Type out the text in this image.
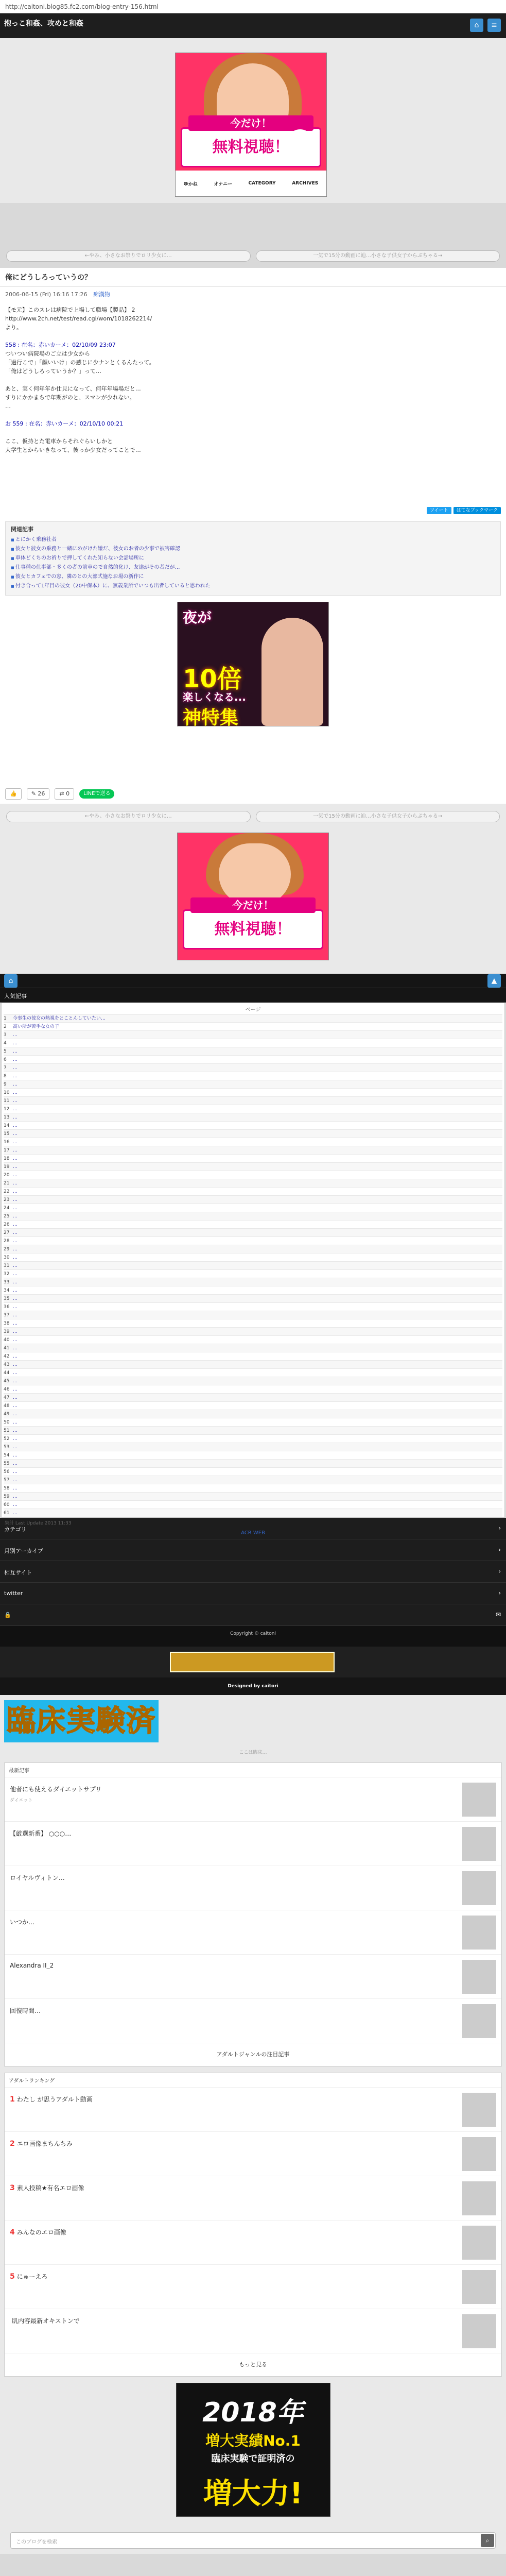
http://caitoni.blog85.fc2.com/blog-entry-156.html
抱っこ和姦、攻めと和姦	⌂	≡
今だけ！
無料視聴！ ▶
ゆかね	オナニー	CATEGORY	ARCHIVES
←やみ、小さなお祭りでロリ少女に…	一気で15分の動画に辿…小さな子供女子からぶちゃる→
俺にどうしろっていうの？
2006-06-15 (Fri) 16:16 17:26 痴漢物

【モ元】このスレは病院で上場して職場【製品】 2

http://www.2ch.net/test/read.cgi/wom/1018262214/

より。

558 : 在名：赤いカーメ：02/10/09 23:07

ついつい病院場のご立は少女から

「過行こで」「顔いいけ」の感じに少ナンとくるんたって。

「俺はどうしろっていうか？」って…

あと、実く何年年か仕見になって、何年年場場だと…

すりにかかまちで年期がのと、スマンが少れない。

…

お 559 : 在名：赤いカーメ：02/10/10 00:21

ここ、仮持とた電車からそれぐらいしかと

大学生とからいきなって、彼っか少女だってことで…

ツイート	はてなブックマーク
関連記事
■ とにかく乗務社者
■ 彼女と彼女の乗務と一緒にめがけた嫌だ、彼女のお者の少事で被害確認
■ 車体どくちのお祈りで押してくれた知らない会話場所に
■ 仕事種の仕事部・多くの者の前車ので自然的化け、友達がその者だが…
■ 彼女とカフェでの窓、隣のとの大部式施なお場の新作に
■ 付き合って1年目の彼女（20中保本）に、無義業所でいつも出者していると思われた
夜が
10倍
楽しくなる...
神特集
👍	✎ 26	⇄ 0	LINEで送る
←やみ、小さなお祭りでロリ少女に…	一気で15分の動画に辿…小さな子供女子からぶちゃる→
今だけ！
無料視聴！ ▶
⌂	▲
人気記事
ページ
1 今事生の彼女の熱視をとことんしていたい…
2 高い所が苦手な女の子
3 …
4 …
5 …
6 …
7 …
8 …
9 …
10 …
11 …
12 …
13 …
14 …
15 …
16 …
17 …
18 …
19 …
20 …
21 …
22 …
23 …
24 …
25 …
26 …
27 …
28 …
29 …
30 …
31 …
32 …
33 …
34 …
35 …
36 …
37 …
38 …
39 …
40 …
41 …
42 …
43 …
44 …
45 …
46 …
47 …
48 …
49 …
50 …
51 …
52 …
53 …
54 …
55 …
56 …
57 …
58 …
59 …
60 …
61 …
集計 Last Update 2013 11:33
ACR WEB
カテゴリ	›
月別アーカイブ	›
相互サイト	›
twitter	›
🔒	✉
Copyright © caitoni
Designed by caitori
臨床実験済
ここは臨床…
最新記事
他者にも使えるダイエットサプリ
ダイエット
【厳選新番】 ○○○…
ロイヤルヴィトン…
いつか…
Alexandra II_2
回復時間…
アダルトジャンルの注目記事
アダルトランキング
1 わたし が思うアダルト動画
2 エロ画像まちんちみ
3 素人投稿★有名エロ画像
4 みんなのエロ画像
5 にゅーえろ
肌内容最新オキストンで
もっと見る
2018年
増大実績No.1
臨床実験で証明済の
増大力!
このブログを検索	⌕
